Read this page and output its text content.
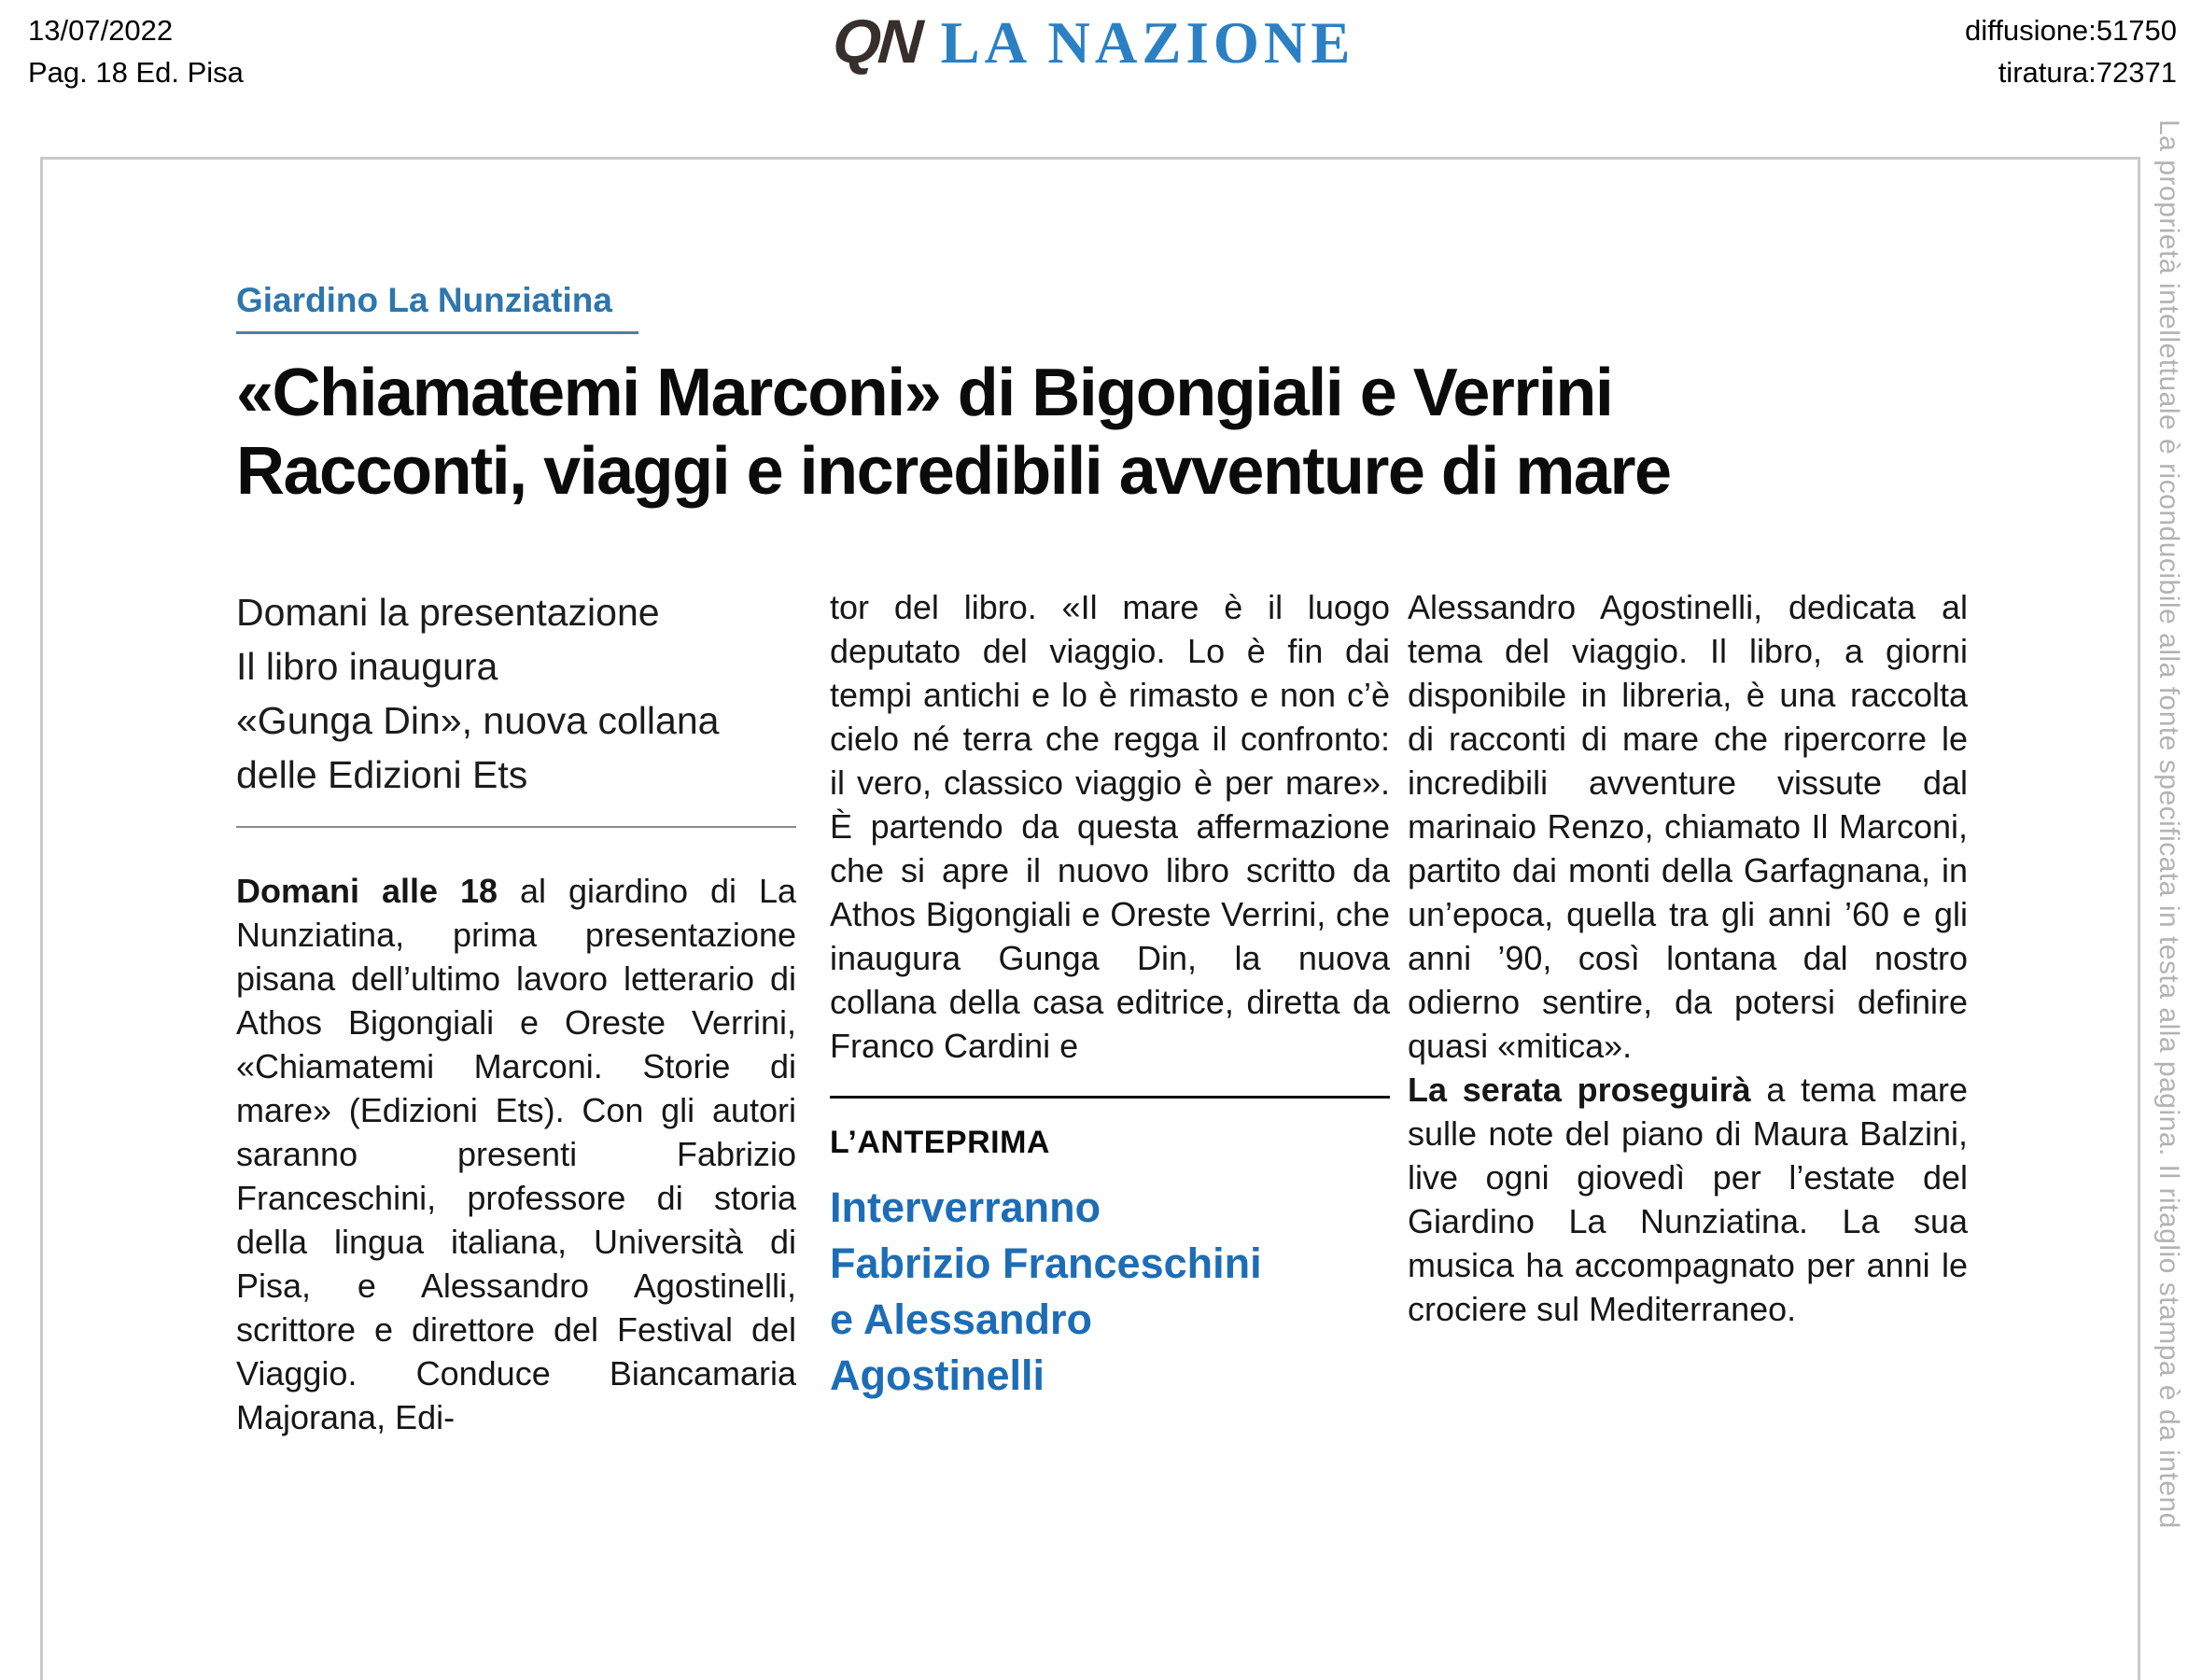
13/07/2022
Pag. 18 Ed. Pisa	QN LA NAZIONE	diffusione:51750
tiratura:72371
Giardino La Nunziatina
«Chiamatemi Marconi» di Bigongiali e Verrini
Racconti, viaggi e incredibili avventure di mare
Domani la presentazione
Il libro inaugura
«Gunga Din», nuova collana
delle Edizioni Ets

Domani alle 18 al giardino di La Nunziatina, prima presentazione pisana dell’ultimo lavoro letterario di Athos Bigongiali e Oreste Verrini, «Chiamatemi Marconi. Storie di mare» (Edizioni Ets). Con gli autori saranno presenti Fabrizio Franceschini, professore di storia della lingua italiana, Università di Pisa, e Alessandro Agostinelli, scrittore e direttore del Festival del Viaggio. Conduce Biancamaria Majorana, Edi-

tor del libro. «Il mare è il luogo deputato del viaggio. Lo è fin dai tempi antichi e lo è rimasto e non c’è cielo né terra che regga il confronto: il vero, classico viaggio è per mare». È partendo da questa affermazione che si apre il nuovo libro scritto da Athos Bigongiali e Oreste Verrini, che inaugura Gunga Din, la nuova collana della casa editrice, diretta da Franco Cardini e

L’ANTEPRIMA
Interverranno
Fabrizio Franceschini
e Alessandro
Agostinelli

Alessandro Agostinelli, dedicata al tema del viaggio. Il libro, a giorni disponibile in libreria, è una raccolta di racconti di mare che ripercorre le incredibili avventure vissute dal marinaio Renzo, chiamato Il Marconi, partito dai monti della Garfagnana, in un’epoca, quella tra gli anni ’60 e gli anni ’90, così lontana dal nostro odierno sentire, da potersi definire quasi «mitica».

La serata proseguirà a tema mare sulle note del piano di Maura Balzini, live ogni giovedì per l’estate del Giardino La Nunziatina. La sua musica ha accompagnato per anni le crociere sul Mediterraneo.	La proprietà intellettuale è riconducibile alla fonte specificata in testa alla pagina. Il ritaglio stampa è da intend
